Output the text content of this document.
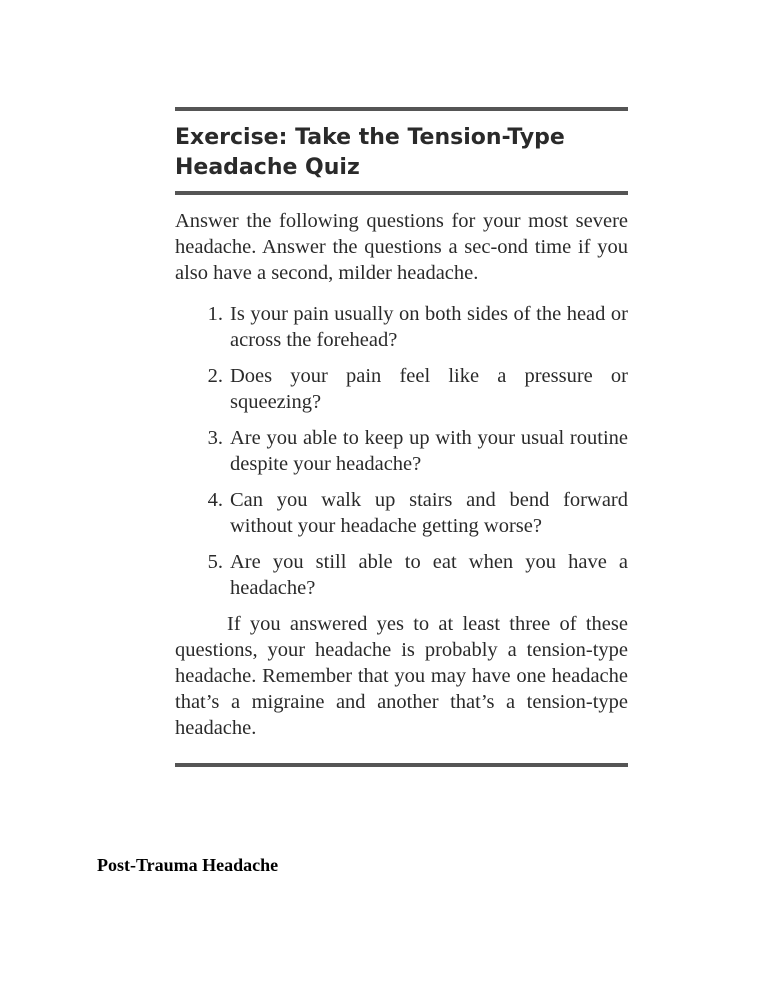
Exercise: Take the Tension-Type
Headache Quiz

Answer the following questions for your most severe headache. Answer the questions a sec-ond time if you also have a second, milder headache.

1. Is your pain usually on both sides of the head or across the forehead?
2. Does your pain feel like a pressure or squeezing?
3. Are you able to keep up with your usual routine despite your headache?
4. Can you walk up stairs and bend forward without your headache getting worse?
5. Are you still able to eat when you have a headache?

If you answered yes to at least three of these questions, your headache is probably a tension-type headache. Remember that you may have one headache that’s a migraine and another that’s a tension-type headache.

Post-Trauma Headache
